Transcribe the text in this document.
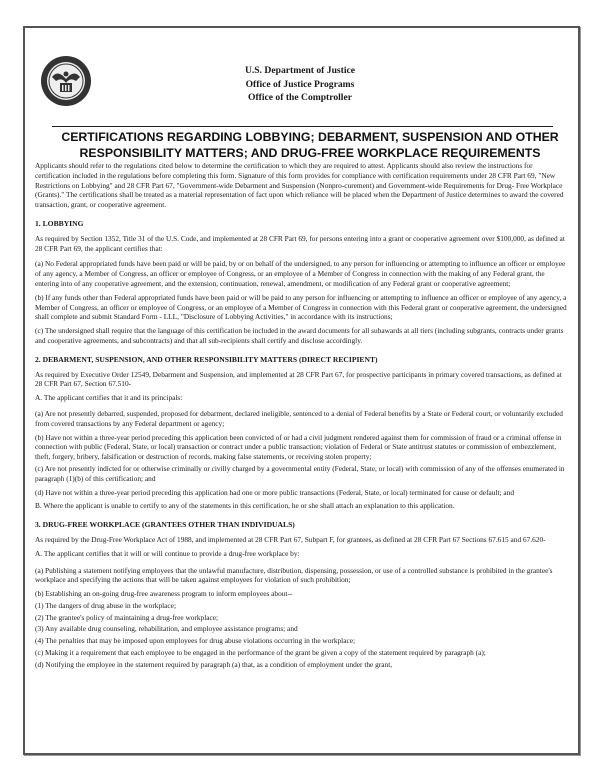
U.S. Department of Justice
Office of Justice Programs
Office of the Comptroller
CERTIFICATIONS REGARDING LOBBYING; DEBARMENT, SUSPENSION AND OTHER
RESPONSIBILITY MATTERS; AND DRUG-FREE WORKPLACE REQUIREMENTS

Applicants should refer to the regulations cited below to determine the certification to which they are required to attest. Applicants should also review the instructions for certification included in the regulations before completing this form. Signature of this form provides for compliance with certification requirements under 28 CFR Part 69, "New Restrictions on Lobbying" and 28 CFR Part 67, "Government-wide Debarment and Suspension (Nonpro-curement) and Government-wide Requirements for Drug- Free Workplace (Grants)." The certifications shall be treated as a material representation of fact upon which reliance will be placed when the Department of Justice determines to award the covered transaction, grant, or cooperative agreement.

1. LOBBYING

As required by Section 1352, Title 31 of the U.S. Code, and implemented at 28 CFR Part 69, for persons entering into a grant or cooperative agreement over $100,000, as defined at 28 CFR Part 69, the applicant certifies that:

(a) No Federal appropriated funds have been paid or will be paid, by or on behalf of the undersigned, to any person for influencing or attempting to influence an officer or employee of any agency, a Member of Congress, an officer or employee of Congress, or an employee of a Member of Congress in connection with the making of any Federal grant, the entering into of any cooperative agreement, and the extension, continuation, renewal, amendment, or modification of any Federal grant or cooperative agreement;

(b) If any funds other than Federal appropriated funds have been paid or will be paid to any person for influencing or attempting to influence an officer or employee of any agency, a Member of Congress, an officer or employee of Congress, or an employee of a Member of Congress in connection with this Federal grant or cooperative agreement, the undersigned shall complete and submit Standard Form - LLL, "Disclosure of Lobbying Activities," in accordance with its instructions;

(c) The undersigned shall require that the language of this certification be included in the award documents for all subawards at all tiers (including subgrants, contracts under grants and cooperative agreements, and subcontracts) and that all sub-recipients shall certify and disclose accordingly.

2. DEBARMENT, SUSPENSION, AND OTHER RESPONSIBILITY MATTERS (DIRECT RECIPIENT)

As required by Executive Order 12549, Debarment and Suspension, and implemented at 28 CFR Part 67, for prospective participants in primary covered transactions, as defined at 28 CFR Part 67, Section 67.510-

A. The applicant certifies that it and its principals:

(a) Are not presently debarred, suspended, proposed for debarment, declared ineligible, sentenced to a denial of Federal benefits by a State or Federal court, or voluntarily excluded from covered transactions by any Federal department or agency;

(b) Have not within a three-year period preceding this application been convicted of or had a civil judgment rendered against them for commission of fraud or a criminal offense in connection with public (Federal, State, or local) transaction or contract under a public transaction; violation of Federal or State antitrust statutes or commission of embezzlement, theft, forgery, bribery, falsification or destruction of records, making false statements, or receiving stolen property;

(c) Are not presently indicted for or otherwise criminally or civilly charged by a governmental entity (Federal, State, or local) with commission of any of the offenses enumerated in paragraph (1)(b) of this certification; and

(d) Have not within a three-year period preceding this application had one or more public transactions (Federal, State, or local) terminated for cause or default; and

B. Where the applicant is unable to certify to any of the statements in this certification, he or she shall attach an explanation to this application.

3. DRUG-FREE WORKPLACE (GRANTEES OTHER THAN INDIVIDUALS)

As required by the Drug-Free Workplace Act of 1988, and implemented at 28 CFR Part 67, Subpart F, for grantees, as defined at 28 CFR Part 67 Sections 67.615 and 67.620-

A. The applicant certifies that it will or will continue to provide a drug-free workplace by:

(a) Publishing a statement notifying employees that the unlawful manufacture, distribution, dispensing, possession, or use of a controlled substance is prohibited in the grantee's workplace and specifying the actions that will be taken against employees for violation of such prohibition;

(b) Establishing an on-going drug-free awareness program to inform employees about--

(1) The dangers of drug abuse in the workplace;

(2) The grantee's policy of maintaining a drug-free workplace;

(3) Any available drug counseling, rehabilitation, and employee assistance programs; and

(4) The penalties that may be imposed upon employees for drug abuse violations occurring in the workplace;

(c) Making it a requirement that each employee to be engaged in the performance of the grant be given a copy of the statement required by paragraph (a);

(d) Notifying the employee in the statement required by paragraph (a) that, as a condition of employment under the grant,
